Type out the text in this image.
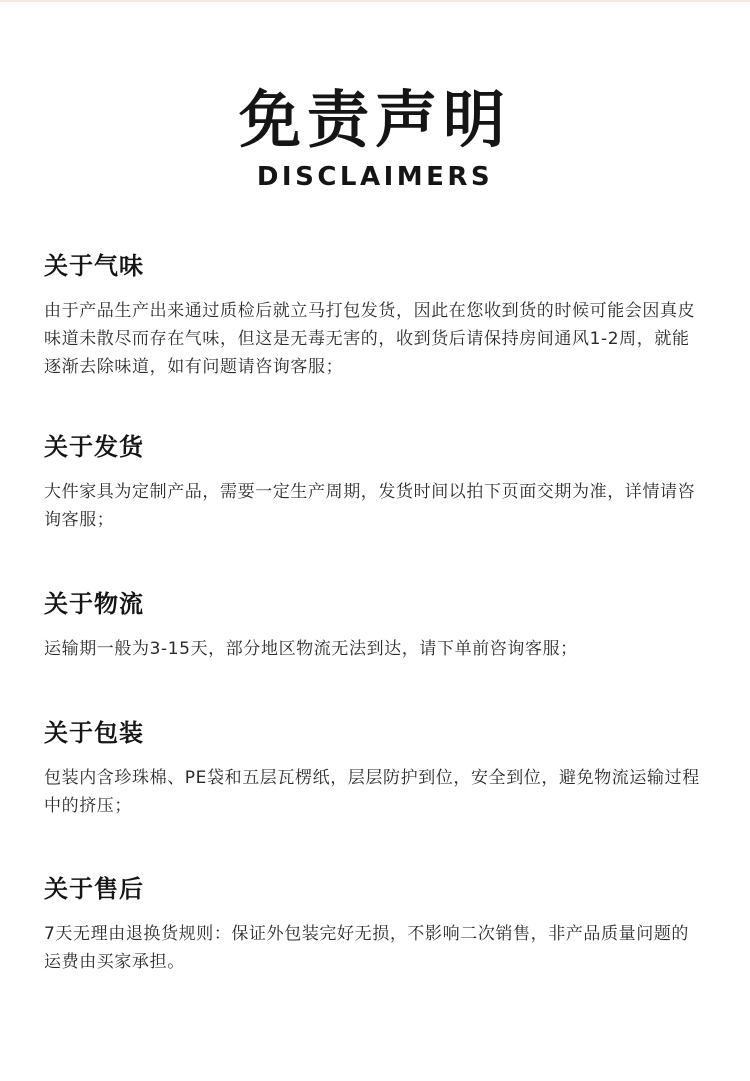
免责声明
DISCLAIMERS
关于气味
由于产品生产出来通过质检后就立马打包发货，因此在您收到货的时候可能会因真皮味道未散尽而存在气味，但这是无毒无害的，收到货后请保持房间通风1-2周，就能逐渐去除味道，如有问题请咨询客服；
关于发货
大件家具为定制产品，需要一定生产周期，发货时间以拍下页面交期为准，详情请咨询客服；
关于物流
运输期一般为3-15天，部分地区物流无法到达，请下单前咨询客服；
关于包装
包装内含珍珠棉、PE袋和五层瓦楞纸，层层防护到位，安全到位，避免物流运输过程中的挤压；
关于售后
7天无理由退换货规则：保证外包装完好无损，不影响二次销售，非产品质量问题的运费由买家承担。
